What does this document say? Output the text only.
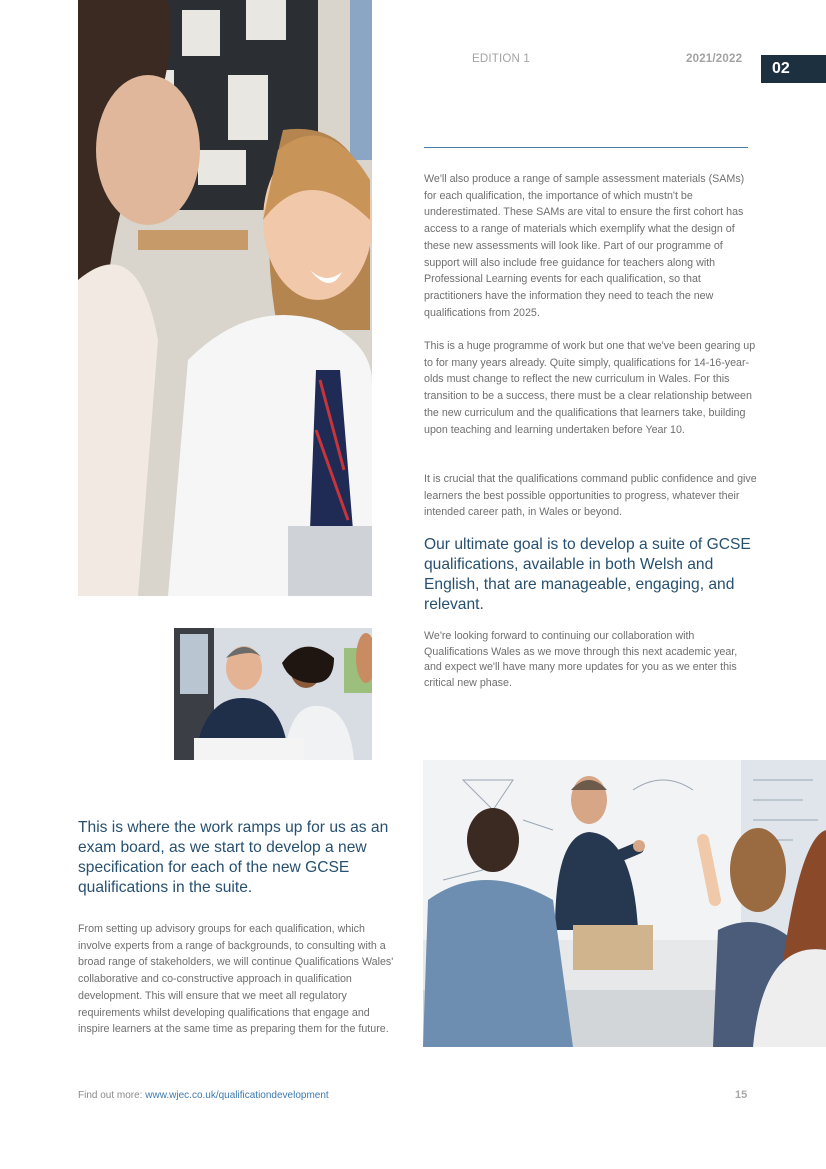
EDITION 1	2021/2022
02

We'll also produce a range of sample assessment materials (SAMs) for each qualification, the importance of which mustn't be underestimated. These SAMs are vital to ensure the first cohort has access to a range of materials which exemplify what the design of these new assessments will look like. Part of our programme of support will also include free guidance for teachers along with Professional Learning events for each qualification, so that practitioners have the information they need to teach the new qualifications from 2025.

This is a huge programme of work but one that we've been gearing up to for many years already. Quite simply, qualifications for 14-16-year-olds must change to reflect the new curriculum in Wales. For this transition to be a success, there must be a clear relationship between the new curriculum and the qualifications that learners take, building upon teaching and learning undertaken before Year 10.

It is crucial that the qualifications command public confidence and give learners the best possible opportunities to progress, whatever their intended career path, in Wales or beyond.

Our ultimate goal is to develop a suite of GCSE qualifications, available in both Welsh and English, that are manageable, engaging, and relevant.

We're looking forward to continuing our collaboration with Qualifications Wales as we move through this next academic year, and expect we'll have many more updates for you as we enter this critical new phase.

This is where the work ramps up for us as an exam board, as we start to develop a new specification for each of the new GCSE qualifications in the suite.

From setting up advisory groups for each qualification, which involve experts from a range of backgrounds, to consulting with a broad range of stakeholders, we will continue Qualifications Wales' collaborative and co-constructive approach in qualification development. This will ensure that we meet all regulatory requirements whilst developing qualifications that engage and inspire learners at the same time as preparing them for the future.

Find out more: www.wjec.co.uk/qualificationdevelopment	15
